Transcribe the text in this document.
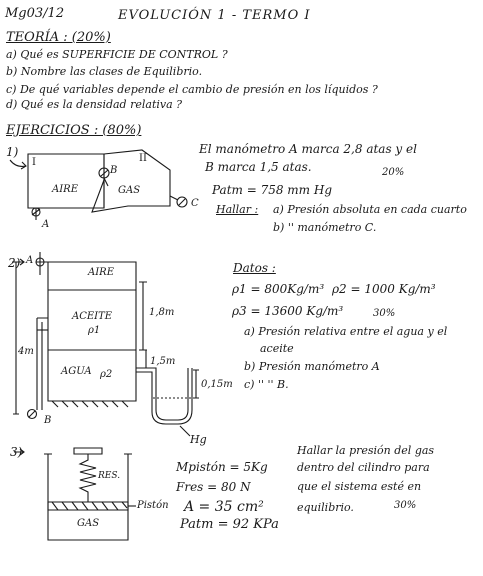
Mg03/12	EVOLUCIÓN 1 - TERMO I
TEORÍA : (20%)
a) Qué es SUPERFICIE DE CONTROL ?
b) Nombre las clases de Equilibrio.
c) De qué variables depende el cambio de presión en los líquidos ?
d) Qué es la densidad relativa ?
EJERCICIOS : (80%)
1)
I	II
AIRE	GAS
B
A
C
El manómetro A marca 2,8 atas y el
B marca 1,5 atas.	20%
Patm = 758 mm Hg
Hallar : a) Presión absoluta en cada cuarto
b) '' manómetro C.
2) A
AIRE
ACEITE
ρ1
AGUA ρ2
B
4m
1,8m
1,5m
0,15m
Hg
Datos :
ρ1 = 800Kg/m³ ρ2 = 1000 Kg/m³
ρ3 = 13600 Kg/m³	30%
a) Presión relativa entre el agua y el
aceite
b) Presión manómetro A
c) '' '' B.
3)
RES.
Pistón
GAS
Mpistón = 5Kg
Fres = 80 N
A = 35 cm²
Patm = 92 KPa
Hallar la presión del gas
dentro del cilindro para
que el sistema esté en
equilibrio.	30%
